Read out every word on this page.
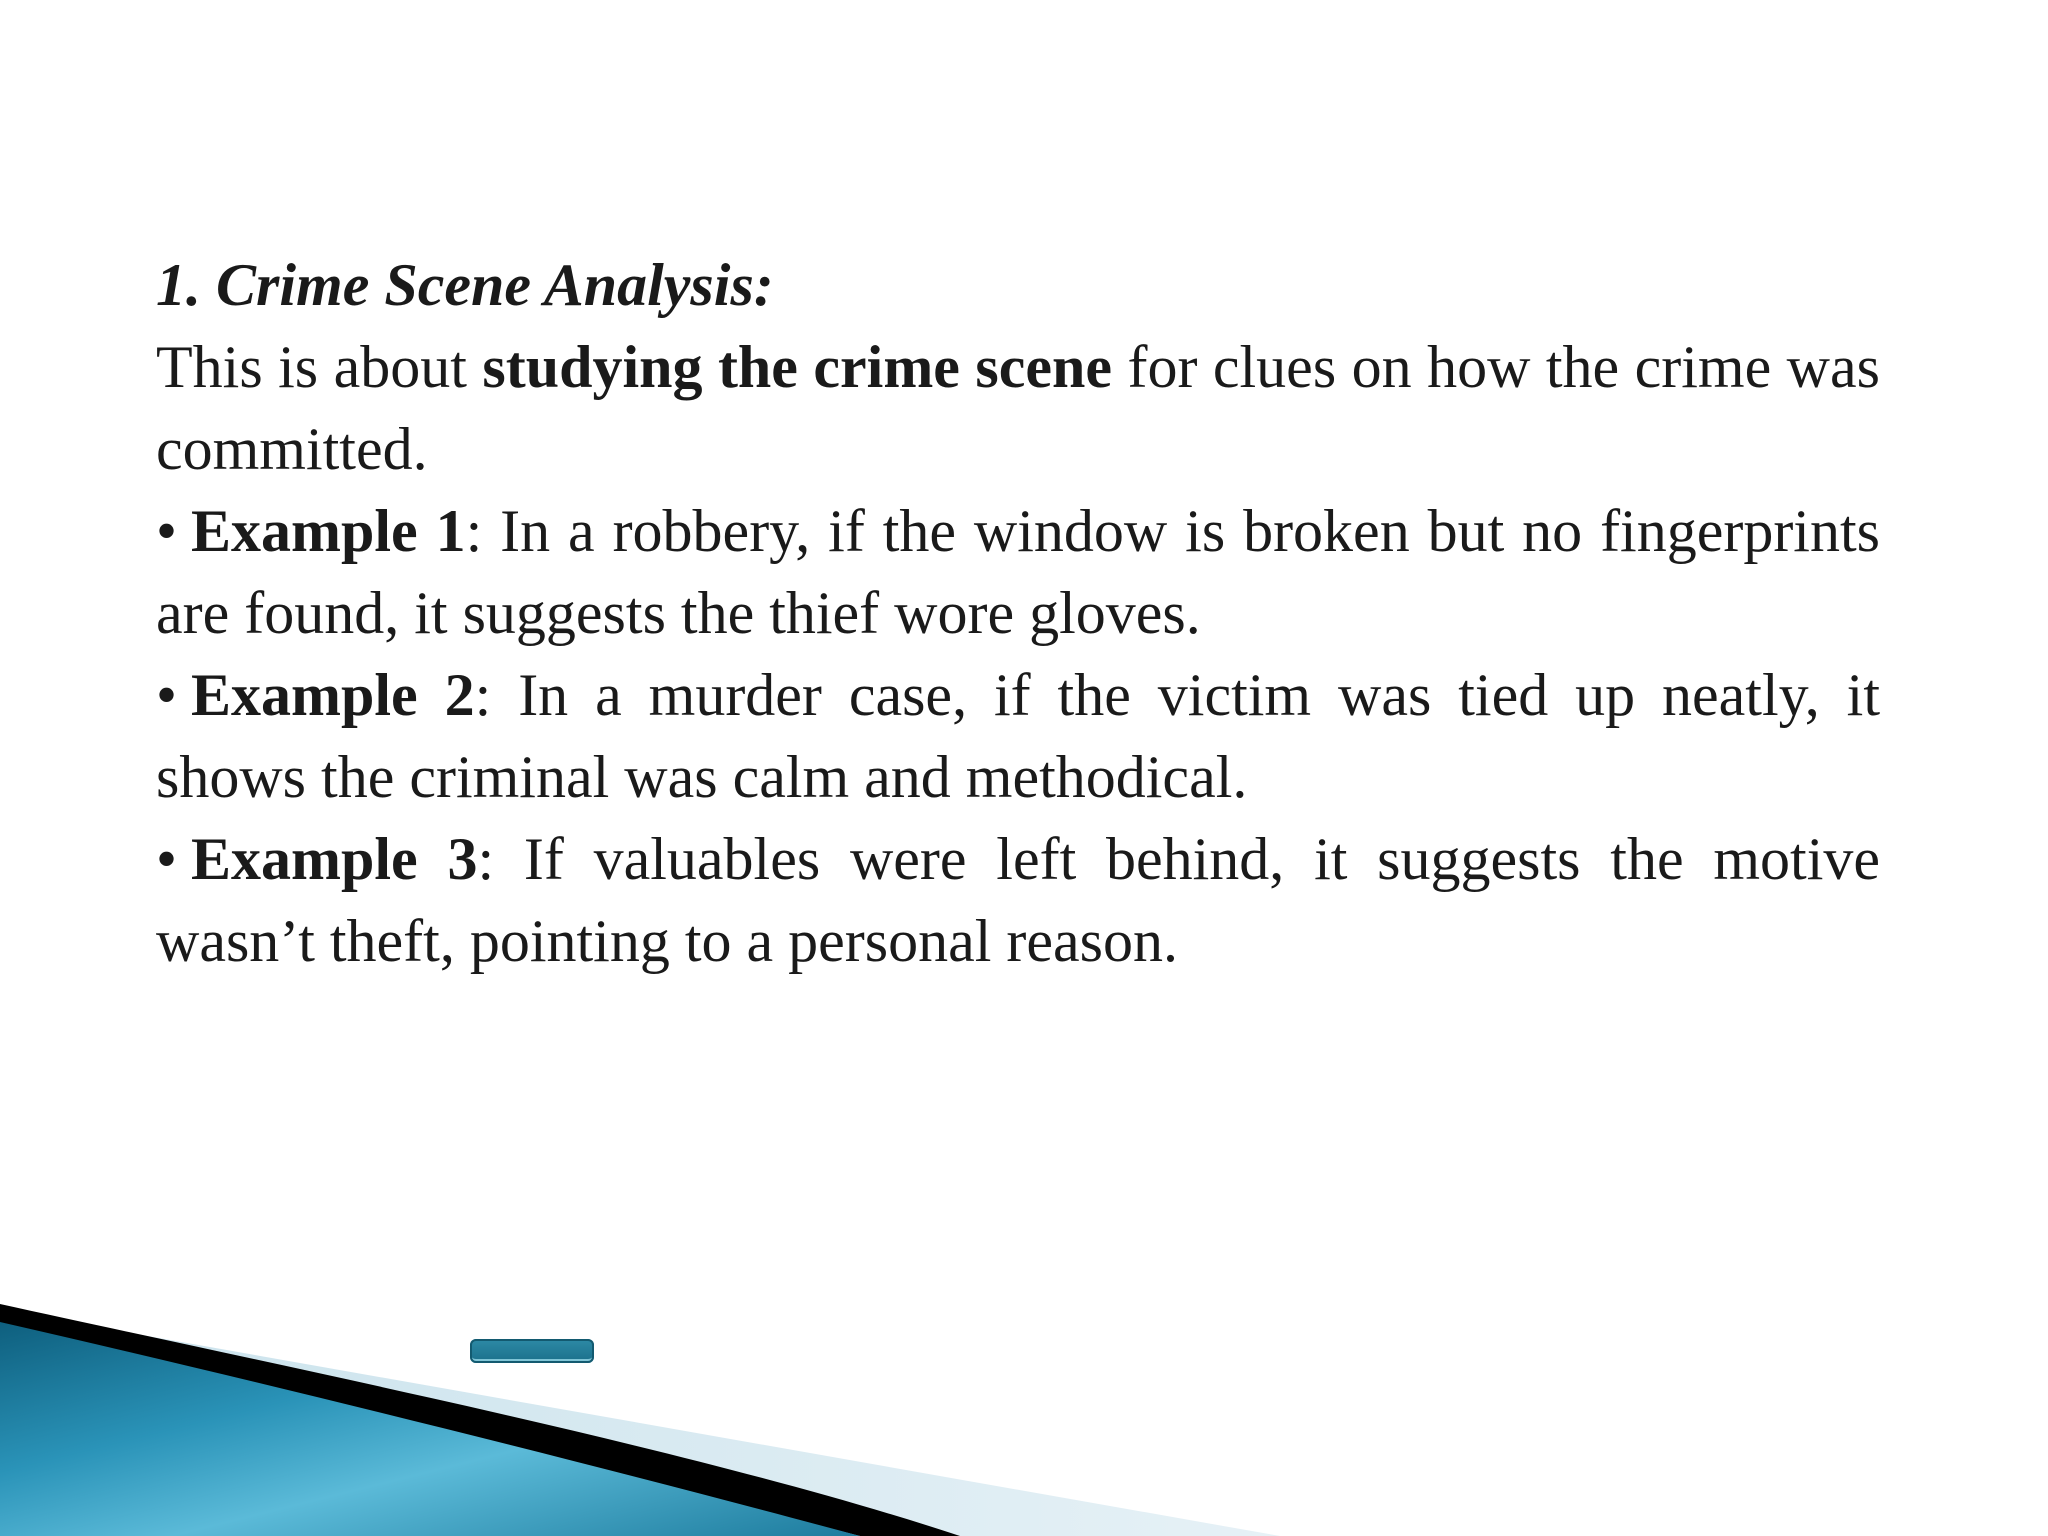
1. Crime Scene Analysis:

This is about studying the crime scene for clues on how the crime was committed.

• Example 1: In a robbery, if the window is broken but no fingerprints are found, it suggests the thief wore gloves.

• Example 2: In a murder case, if the victim was tied up neatly, it shows the criminal was calm and methodical.

• Example 3: If valuables were left behind, it suggests the motive wasn’t theft, pointing to a personal reason.
